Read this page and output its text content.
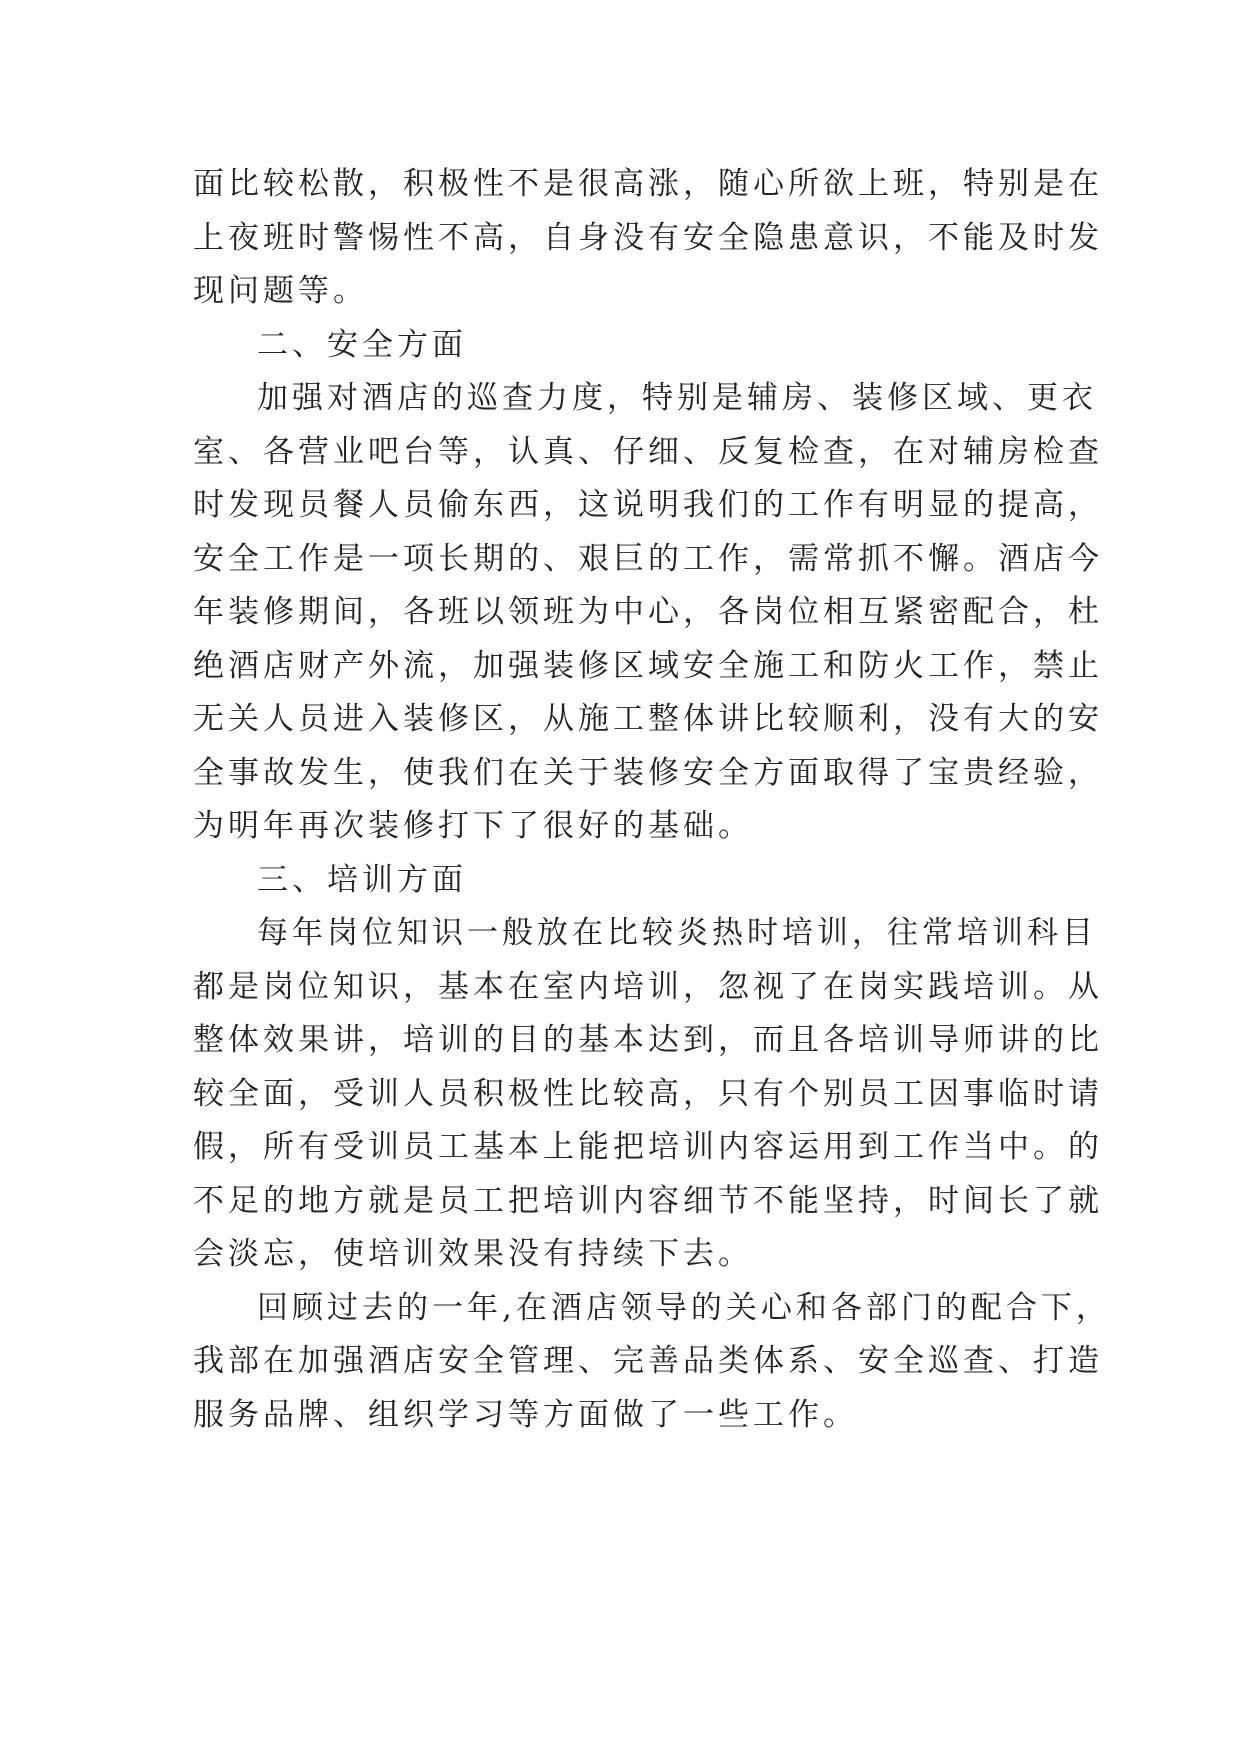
面比较松散，积极性不是很高涨，随心所欲上班，特别是在
上夜班时警惕性不高，自身没有安全隐患意识，不能及时发
现问题等。
二、安全方面
加强对酒店的巡查力度，特别是辅房、装修区域、更衣
室、各营业吧台等，认真、仔细、反复检查，在对辅房检查
时发现员餐人员偷东西，这说明我们的工作有明显的提高，
安全工作是一项长期的、艰巨的工作，需常抓不懈。酒店今
年装修期间，各班以领班为中心，各岗位相互紧密配合，杜
绝酒店财产外流，加强装修区域安全施工和防火工作，禁止
无关人员进入装修区，从施工整体讲比较顺利，没有大的安
全事故发生，使我们在关于装修安全方面取得了宝贵经验，
为明年再次装修打下了很好的基础。
三、培训方面
每年岗位知识一般放在比较炎热时培训，往常培训科目
都是岗位知识，基本在室内培训，忽视了在岗实践培训。从
整体效果讲，培训的目的基本达到，而且各培训导师讲的比
较全面，受训人员积极性比较高，只有个别员工因事临时请
假，所有受训员工基本上能把培训内容运用到工作当中。的
不足的地方就是员工把培训内容细节不能坚持，时间长了就
会淡忘，使培训效果没有持续下去。
回顾过去的一年,在酒店领导的关心和各部门的配合下，
我部在加强酒店安全管理、完善品类体系、安全巡查、打造
服务品牌、组织学习等方面做了一些工作。
